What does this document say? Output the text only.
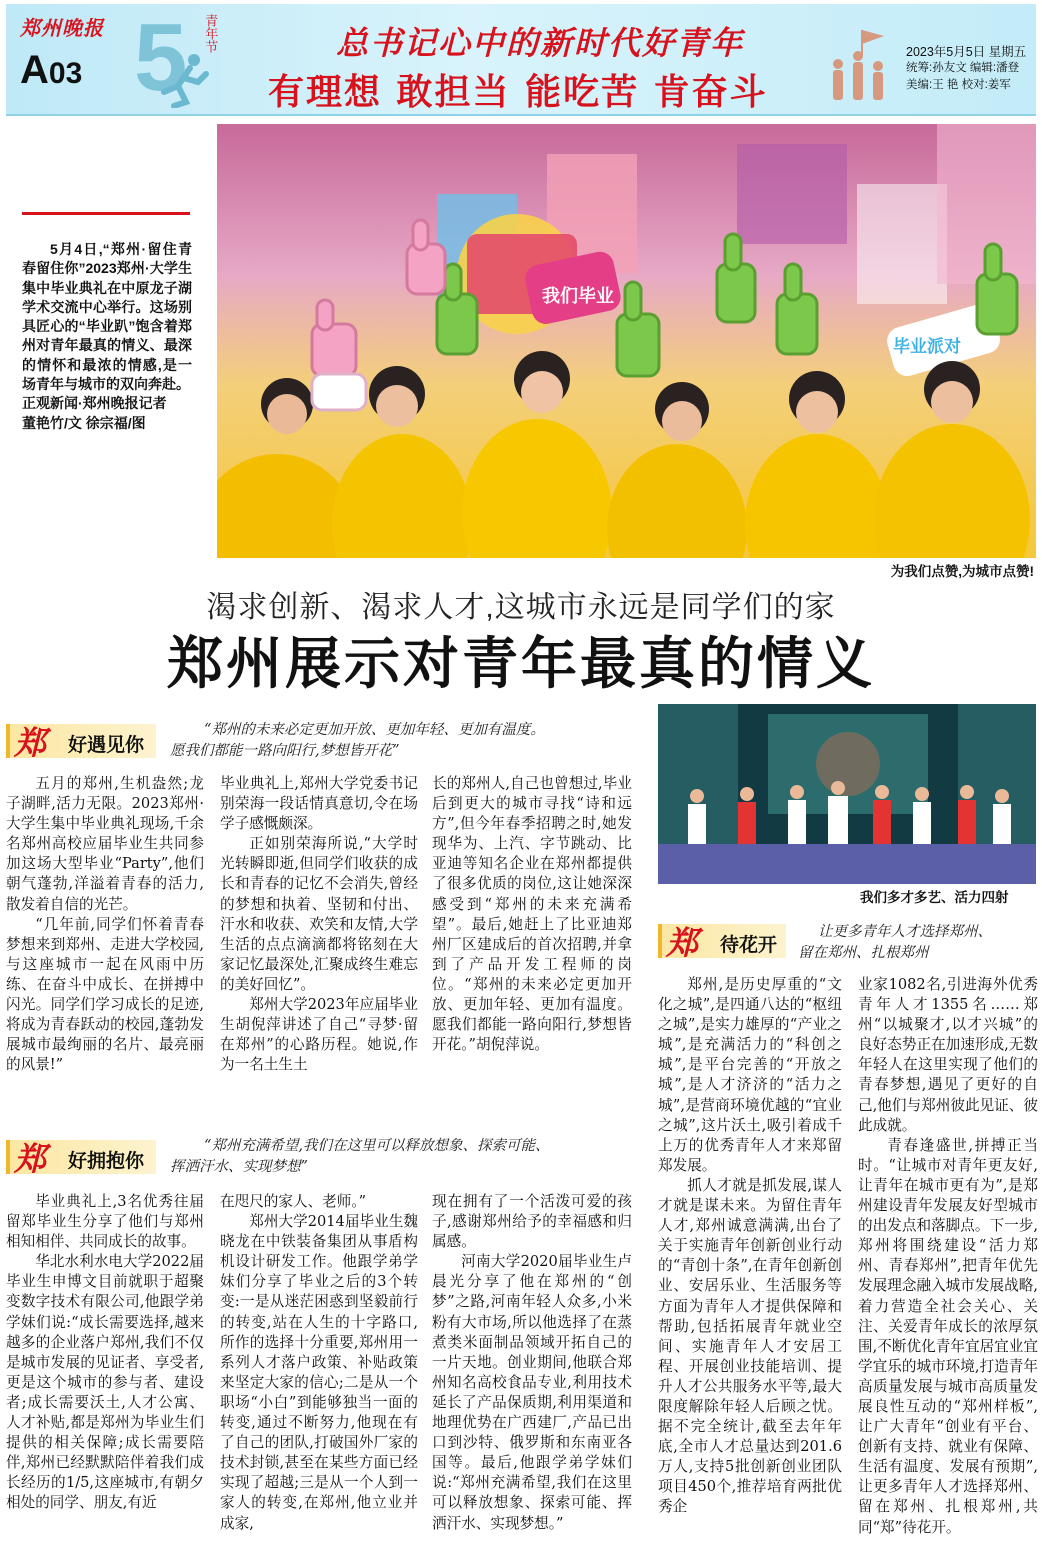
郑州晚报
A03 5 青年节	总书记心中的新时代好青年
有理想 敢担当 能吃苦 肯奋斗
2023年5月5日 星期五
统筹:孙友文 编辑:潘登
美编:王 艳 校对:姜军

5月4日,“郑州·留住青春留住你”2023郑州·大学生集中毕业典礼在中原龙子湖学术交流中心举行。这场别具匠心的“毕业趴”饱含着郑州对青年最真的情义、最深的情怀和最浓的情感,是一场青年与城市的双向奔赴。

正观新闻·郑州晚报记者

董艳竹/文 徐宗福/图

我们毕业
毕业派对
为我们点赞,为城市点赞!
渴求创新、渴求人才,这城市永远是同学们的家
郑州展示对青年最真的情义
郑 好遇见你
“郑州的未来必定更加开放、更加年轻、更加有温度。
愿我们都能一路向阳行,梦想皆开花”

五月的郑州,生机盎然;龙子湖畔,活力无限。2023郑州·大学生集中毕业典礼现场,千余名郑州高校应届毕业生共同参加这场大型毕业“Party”,他们朝气蓬勃,洋溢着青春的活力,散发着自信的光芒。

“几年前,同学们怀着青春梦想来到郑州、走进大学校园,与这座城市一起在风雨中历练、在奋斗中成长、在拼搏中闪光。同学们学习成长的足迹,将成为青春跃动的校园,蓬勃发展城市最绚丽的名片、最亮丽的风景!”

毕业典礼上,郑州大学党委书记别荣海一段话情真意切,令在场学子感慨颇深。

正如别荣海所说,“大学时光转瞬即逝,但同学们收获的成长和青春的记忆不会消失,曾经的梦想和执着、坚韧和付出、汗水和收获、欢笑和友情,大学生活的点点滴滴都将铭刻在大家记忆最深处,汇聚成终生难忘的美好回忆”。

郑州大学2023年应届毕业生胡倪萍讲述了自己“寻梦·留在郑州”的心路历程。她说,作为一名土生土

长的郑州人,自己也曾想过,毕业后到更大的城市寻找“诗和远方”,但今年春季招聘之时,她发现华为、上汽、字节跳动、比亚迪等知名企业在郑州都提供了很多优质的岗位,这让她深深感受到“郑州的未来充满希望”。最后,她赶上了比亚迪郑州厂区建成后的首次招聘,并拿到了产品开发工程师的岗位。“郑州的未来必定更加开放、更加年轻、更加有温度。愿我们都能一路向阳行,梦想皆开花。”胡倪萍说。

我们多才多艺、活力四射
郑 待花开
让更多青年人才选择郑州、
留在郑州、扎根郑州

郑州,是历史厚重的“文化之城”,是四通八达的“枢纽之城”,是实力雄厚的“产业之城”,是充满活力的“科创之城”,是平台完善的“开放之城”,是人才济济的“活力之城”,是营商环境优越的“宜业之城”,这片沃土,吸引着成千上万的优秀青年人才来郑留郑发展。

抓人才就是抓发展,谋人才就是谋未来。为留住青年人才,郑州诚意满满,出台了关于实施青年创新创业行动的“青创十条”,在青年创新创业、安居乐业、生活服务等方面为青年人才提供保障和帮助,包括拓展青年就业空间、实施青年人才安居工程、开展创业技能培训、提升人才公共服务水平等,最大限度解除年轻人后顾之忧。据不完全统计,截至去年年底,全市人才总量达到201.6万人,支持5批创新创业团队项目450个,推荐培育两批优秀企

业家1082名,引进海外优秀青年人才1355名……郑州“以城聚才,以才兴城”的良好态势正在加速形成,无数年轻人在这里实现了他们的青春梦想,遇见了更好的自己,他们与郑州彼此见证、彼此成就。

青春逢盛世,拼搏正当时。“让城市对青年更友好,让青年在城市更有为”,是郑州建设青年发展友好型城市的出发点和落脚点。下一步,郑州将围绕建设“活力郑州、青春郑州”,把青年优先发展理念融入城市发展战略,着力营造全社会关心、关注、关爱青年成长的浓厚氛围,不断优化青年宜居宜业宜学宜乐的城市环境,打造青年高质量发展与城市高质量发展良性互动的“郑州样板”,让广大青年“创业有平台、创新有支持、就业有保障、生活有温度、发展有预期”,让更多青年人才选择郑州、留在郑州、扎根郑州,共同“郑”待花开。

郑 好拥抱你
“郑州充满希望,我们在这里可以释放想象、探索可能、
挥洒汗水、实现梦想”

毕业典礼上,3名优秀往届留郑毕业生分享了他们与郑州相知相伴、共同成长的故事。

华北水利水电大学2022届毕业生申博文目前就职于超聚变数字技术有限公司,他跟学弟学妹们说:“成长需要选择,越来越多的企业落户郑州,我们不仅是城市发展的见证者、享受者,更是这个城市的参与者、建设者;成长需要沃土,人才公寓、人才补贴,都是郑州为毕业生们提供的相关保障;成长需要陪伴,郑州已经默默陪伴着我们成长经历的1/5,这座城市,有朝夕相处的同学、朋友,有近

在咫尺的家人、老师。”

郑州大学2014届毕业生魏晓龙在中铁装备集团从事盾构机设计研发工作。他跟学弟学妹们分享了毕业之后的3个转变:一是从迷茫困惑到坚毅前行的转变,站在人生的十字路口,所作的选择十分重要,郑州用一系列人才落户政策、补贴政策来坚定大家的信心;二是从一个职场“小白”到能够独当一面的转变,通过不断努力,他现在有了自己的团队,打破国外厂家的技术封锁,甚至在某些方面已经实现了超越;三是从一个人到一家人的转变,在郑州,他立业并成家,

现在拥有了一个活泼可爱的孩子,感谢郑州给予的幸福感和归属感。

河南大学2020届毕业生卢晨光分享了他在郑州的“创梦”之路,河南年轻人众多,小米粉有大市场,所以他选择了在蒸煮类米面制品领域开拓自己的一片天地。创业期间,他联合郑州知名高校食品专业,利用技术延长了产品保质期,利用渠道和地理优势在广西建厂,产品已出口到沙特、俄罗斯和东南亚各国等。最后,他跟学弟学妹们说:“郑州充满希望,我们在这里可以释放想象、探索可能、挥洒汗水、实现梦想。”
